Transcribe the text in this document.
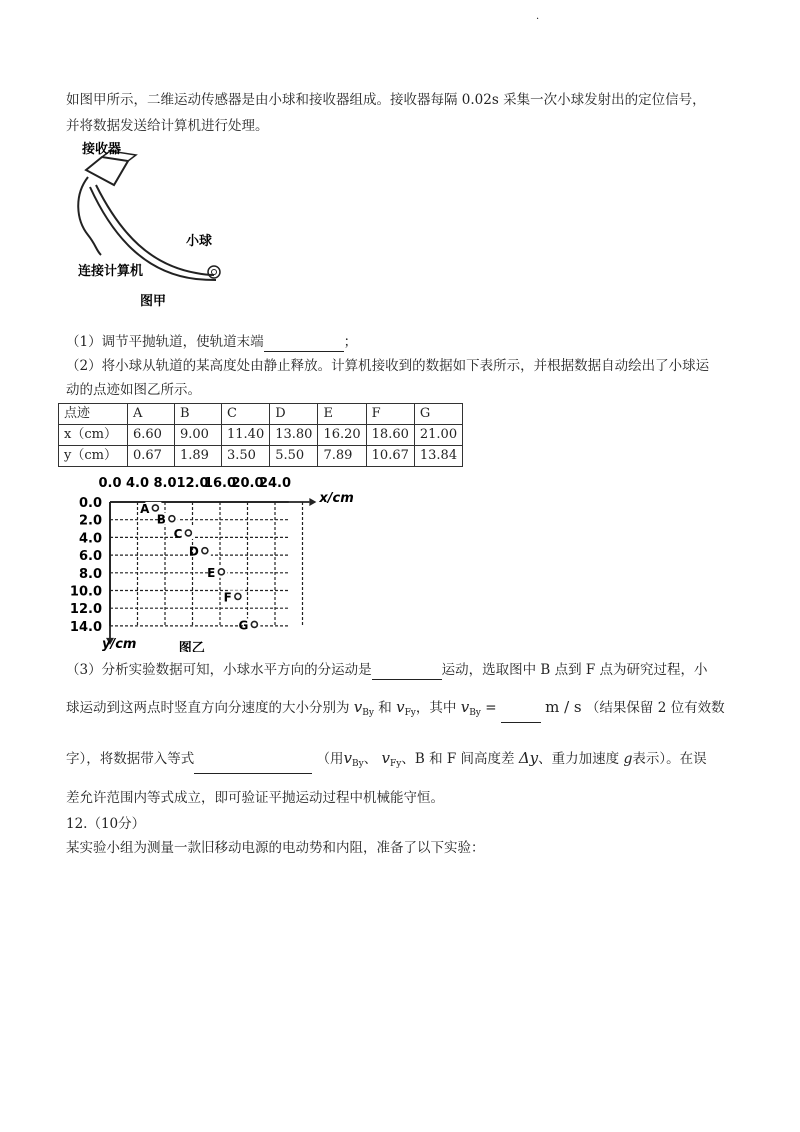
·
如图甲所示，二维运动传感器是由小球和接收器组成。接收器每隔 0.02s 采集一次小球发射出的定位信号，
并将数据发送给计算机进行处理。
接收器
小球
连接计算机
图甲
（1）调节平抛轨道，使轨道末端	；
（2）将小球从轨道的某高度处由静止释放。计算机接收到的数据如下表所示，并根据数据自动绘出了小球运
动的点迹如图乙所示。
点迹	A	B	C	D	E	F	G
x（cm）	6.60	9.00	11.40	13.80	16.20	18.60	21.00
y（cm）	0.67	1.89	3.50	5.50	7.89	10.67	13.84
0.0 4.0 8.0 12.0
16.0
20.0
24.0
0.0
2.0
4.0
6.0
8.0
10.0
12.0
14.0
x/cm
y/cm	图乙
A
B
C
D
E
F
G
（3）分析实验数据可知，小球水平方向的分运动是	运动，选取图中 B 点到 F 点为研究过程，小
球运动到这两点时竖直方向分速度的大小分别为 $v_{By}$ 和 $v_{Fy}$，其中 $v_{By}$ =	m / s （结果保留 2 位有效数
字），将数据带入等式	（用$v_{By}$、 $v_{Fy}$、B 和 F 间高度差 Δy、重力加速度 g表示）。在误
差允许范围内等式成立，即可验证平抛运动过程中机械能守恒。
12.（10分）
某实验小组为测量一款旧移动电源的电动势和内阻，准备了以下实验：
